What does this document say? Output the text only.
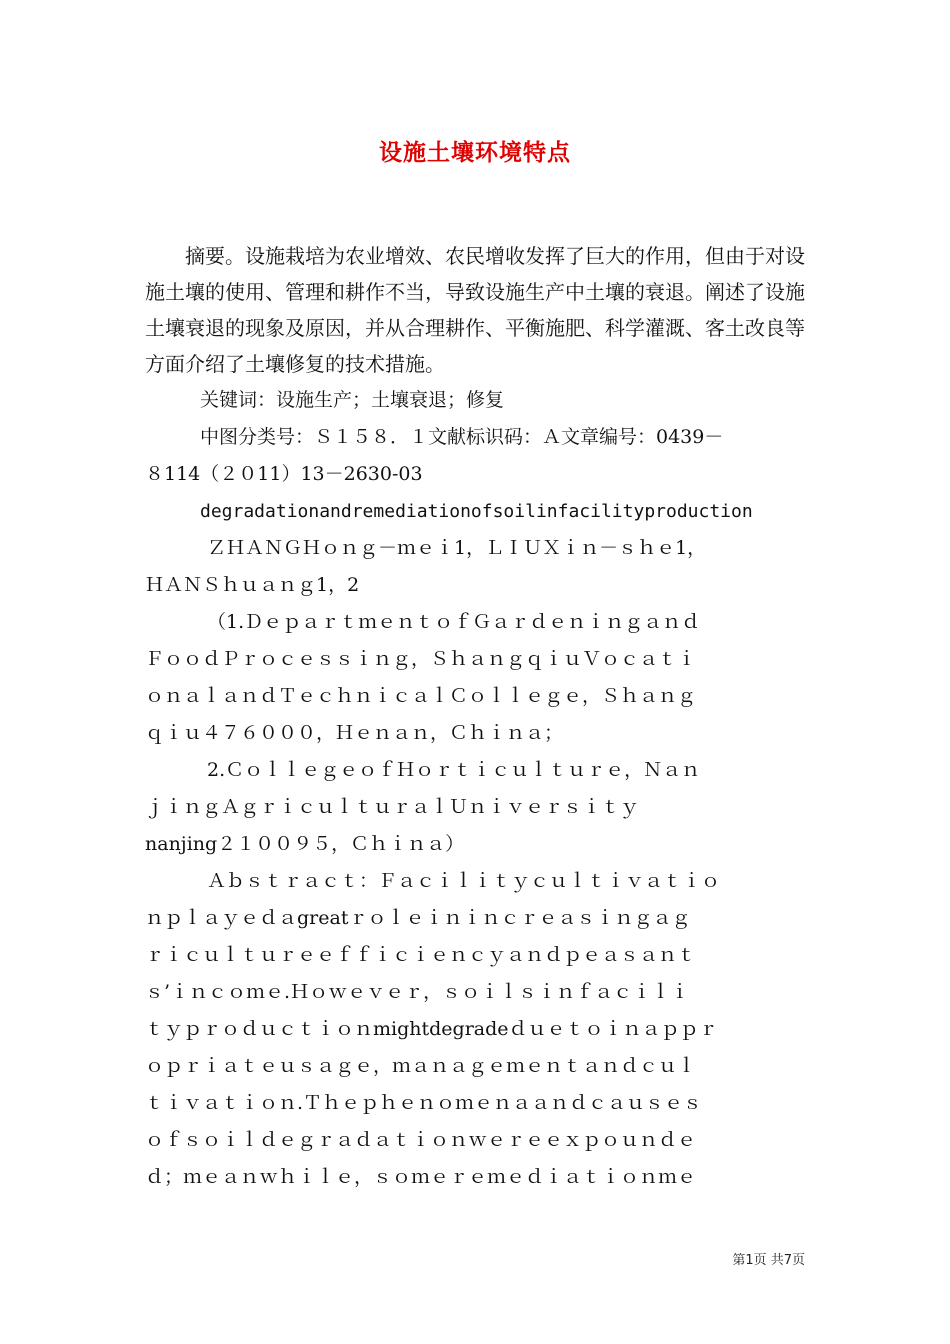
设施土壤环境特点

摘要。设施栽培为农业增效、农民增收发挥了巨大的作用，但由于对设施土壤的使用、管理和耕作不当，导致设施生产中土壤的衰退。阐述了设施土壤衰退的现象及原因，并从合理耕作、平衡施肥、科学灌溉、客土改良等方面介绍了土壤修复的技术措施。

关键词：设施生产；土壤衰退；修复

中图分类号：Ｓ１５８．１文献标识码：Ａ文章编号：0439－

８114（２０11）13－2630-03

degradationandremediationofsoilinfacilityproduction

ＺＨＡＮＧＨｏｎｇ－ｍｅｉ1，ＬＩＵＸｉｎ－ｓｈｅ1，

ＨＡＮＳｈｕａｎｇ1，2

（1.ＤｅｐａｒｔｍｅｎｔｏｆＧａｒｄｅｎｉｎｇａｎｄ

ＦｏｏｄＰｒｏｃｅｓｓｉｎｇ，ＳｈａｎｇｑｉｕＶｏｃａｔｉ

ｏｎａｌａｎｄＴｅｃｈｎｉｃａｌＣｏｌｌｅｇｅ，Ｓｈａｎｇ

ｑｉｕ４７６０００，Ｈｅｎａｎ，Ｃｈｉｎａ；

2.ＣｏｌｌｅｇｅｏｆＨｏｒｔｉｃｕｌｔｕｒｅ，Ｎａｎ

ｊｉｎｇＡｇｒｉｃｕｌｔｕｒａｌＵｎｉｖｅｒｓｉｔｙ

nanjing２１００９５，Ｃｈｉｎａ）

Ａｂｓｔｒａｃｔ：Ｆａｃｉｌｉｔｙｃｕｌｔｉｖａｔｉｏ

ｎｐｌａｙｅｄａgreatｒｏｌｅｉｎｉｎｃｒｅａｓｉｎｇａｇ

ｒｉｃｕｌｔｕｒｅｅｆｆｉｃｉｅｎｃｙａｎｄｐｅａｓａｎｔ

ｓ’ｉｎｃｏｍｅ.Ｈｏｗｅｖｅｒ，ｓｏｉｌｓｉｎｆａｃｉｌｉ

ｔｙｐｒｏｄｕｃｔｉｏｎmightdegradeｄｕｅｔｏｉｎａｐｐｒ

ｏｐｒｉａｔｅｕｓａｇｅ，ｍａｎａｇｅｍｅｎｔａｎｄｃｕｌ

ｔｉｖａｔｉｏｎ.Ｔｈｅｐｈｅｎｏｍｅｎａａｎｄｃａｕｓｅｓ

ｏｆｓｏｉｌｄｅｇｒａｄａｔｉｏｎｗｅｒｅｅｘｐｏｕｎｄｅ

ｄ；ｍｅａｎｗｈｉｌｅ，ｓｏｍｅｒｅｍｅｄｉａｔｉｏｎｍｅ

第1页 共7页
